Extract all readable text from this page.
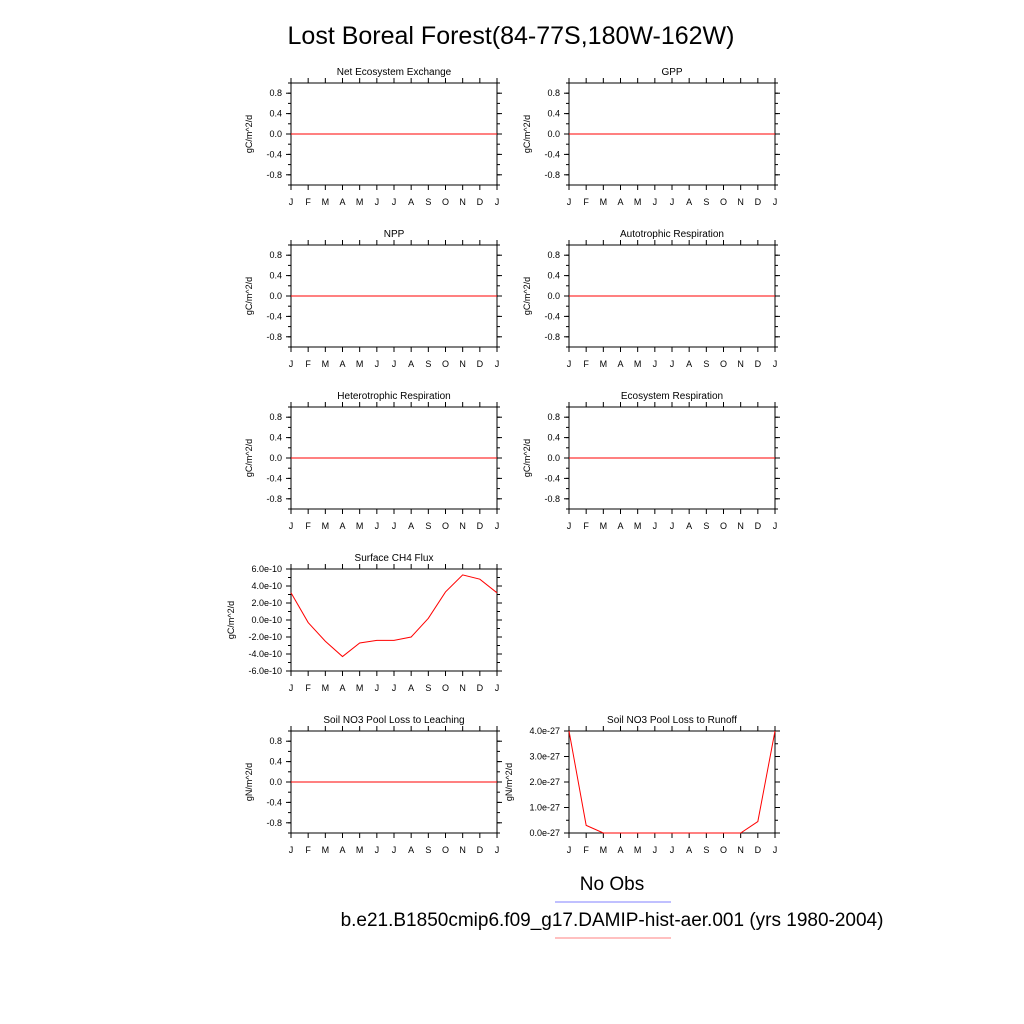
Lost Boreal Forest(84-77S,180W-162W)
Net Ecosystem Exchange
J F M A M J J A S O N D J
0.8
0.4
0.0
-0.4
-0.8
gC/m^2/d
GPP
J F M A M J J A S O N D J
0.8
0.4
0.0
-0.4
-0.8
gC/m^2/d
NPP
J F M A M J J A S O N D J
0.8
0.4
0.0
-0.4
-0.8
gC/m^2/d
Autotrophic Respiration
J F M A M J J A S O N D J
0.8
0.4
0.0
-0.4
-0.8
gC/m^2/d
Heterotrophic Respiration
J F M A M J J A S O N D J
0.8
0.4
0.0
-0.4
-0.8
gC/m^2/d
Ecosystem Respiration
J F M A M J J A S O N D J
0.8
0.4
0.0
-0.4
-0.8
gC/m^2/d
Surface CH4 Flux
J F M A M J J A S O N D J
6.0e-10
4.0e-10
2.0e-10
0.0e-10
-2.0e-10
-4.0e-10
-6.0e-10
gC/m^2/d
Soil NO3 Pool Loss to Leaching
J F M A M J J A S O N D J
0.8
0.4
0.0
-0.4
-0.8
gN/m^2/d
Soil NO3 Pool Loss to Runoff
J F M A M J J A S O N D J
4.0e-27
3.0e-27
2.0e-27
1.0e-27
0.0e-27
gN/m^2/d
No Obs
b.e21.B1850cmip6.f09_g17.DAMIP-hist-aer.001 (yrs 1980-2004)
